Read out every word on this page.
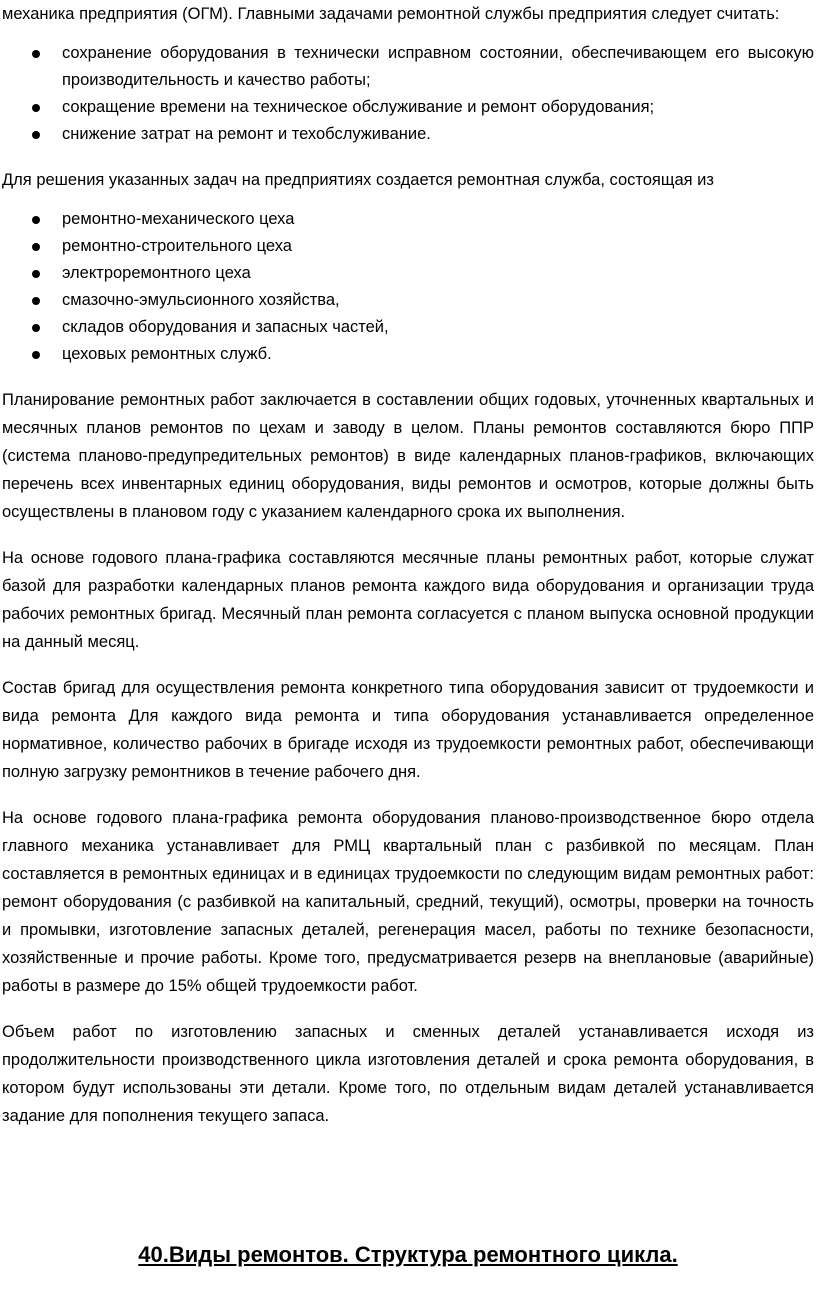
механика предприятия (ОГМ). Главными задачами ремонтной службы предприятия следует считать:

сохранение оборудования в технически исправном состоянии, обеспечивающем его высокую производительность и качество работы;
сокращение времени на техническое обслуживание и ремонт оборудования;
снижение затрат на ремонт и техобслуживание.

Для решения указанных задач на предприятиях создается ремонтная служба, состоящая из

ремонтно-механического цеха
ремонтно-строительного цеха
электроремонтного цеха
смазочно-эмульсионного хозяйства,
складов оборудования и запасных частей,
цеховых ремонтных служб.

Планирование ремонтных работ заключается в составлении общих годовых, уточненных квартальных и месячных планов ремонтов по цехам и заводу в целом. Планы ремонтов составляются бюро ППР (система планово-предупредительных ремонтов) в виде календарных планов-графиков, включающих перечень всех инвентарных единиц оборудования, виды ремонтов и осмотров, которые должны быть осуществлены в плановом году с указанием календарного срока их выполнения.

На основе годового плана-графика составляются месячные планы ремонтных работ, которые служат базой для разработки календарных планов ремонта каждого вида оборудования и организации труда рабочих ремонтных бригад. Месячный план ремонта согласуется с планом выпуска основной продукции на данный месяц.

Состав бригад для осуществления ремонта конкретного типа оборудования зависит от трудоемкости и вида ремонта Для каждого вида ремонта и типа оборудования устанавливается определенное нормативное, количество рабочих в бригаде исходя из трудоемкости ремонтных работ, обеспечивающи полную загрузку ремонтников в течение рабочего дня.

На основе годового плана-графика ремонта оборудования планово-производственное бюро отдела главного механика устанавливает для РМЦ квартальный план с разбивкой по месяцам. План составляется в ремонтных единицах и в единицах трудоемкости по следующим видам ремонтных работ: ремонт оборудования (с разбивкой на капитальный, средний, текущий), осмотры, проверки на точность и промывки, изготовление запасных деталей, регенерация масел, работы по технике безопасности, хозяйственные и прочие работы. Кроме того, предусматривается резерв на внеплановые (аварийные) работы в размере до 15% общей трудоемкости работ.

Объем работ по изготовлению запасных и сменных деталей устанавливается исходя из продолжительности производственного цикла изготовления деталей и срока ремонта оборудования, в котором будут использованы эти детали. Кроме того, по отдельным видам деталей устанавливается задание для пополнения текущего запаса.

40.Виды ремонтов. Структура ремонтного цикла.
